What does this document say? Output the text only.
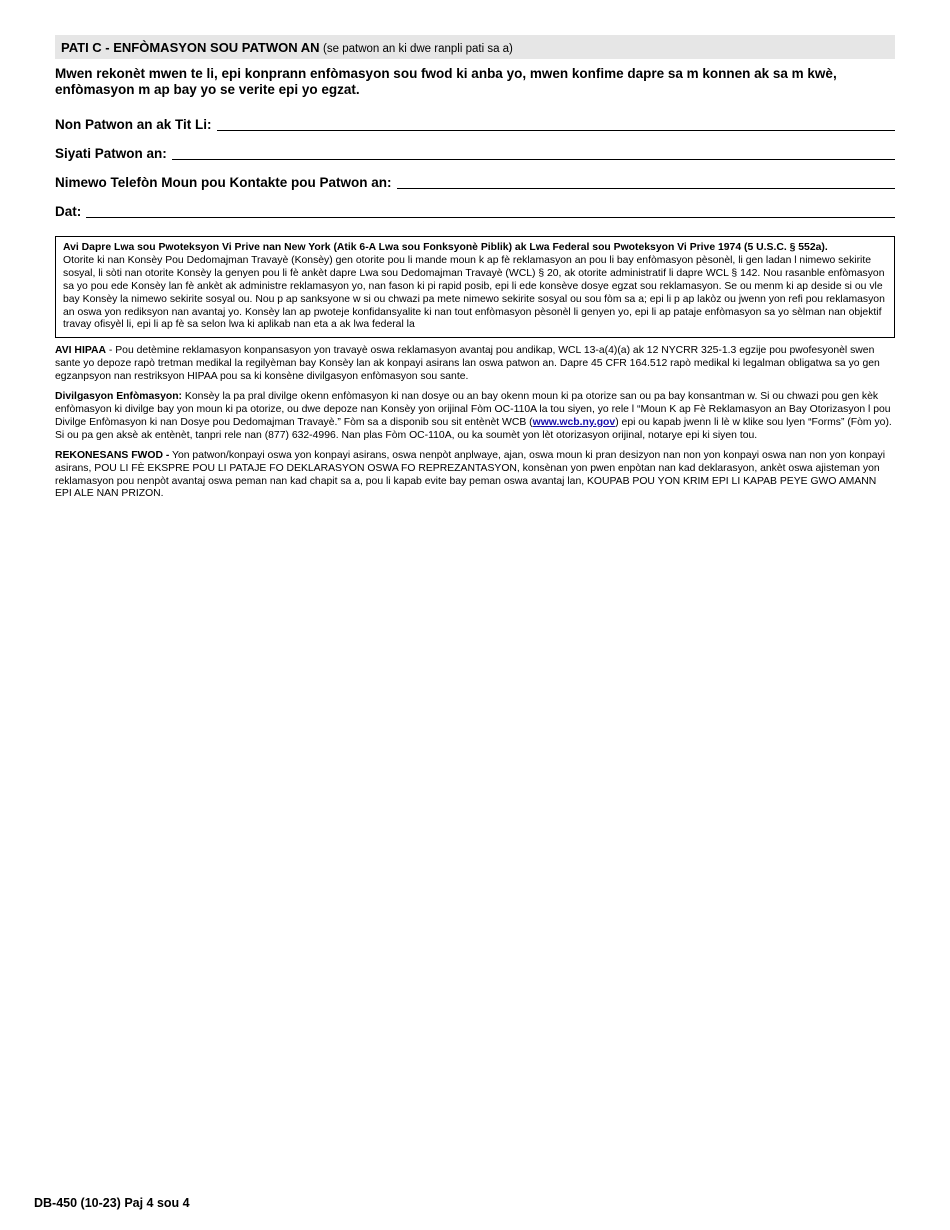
PATI C - ENFÒMASYON SOU PATWON AN (se patwon an ki dwe ranpli pati sa a)
Mwen rekonèt mwen te li, epi konprann enfòmasyon sou fwod ki anba yo, mwen konfime dapre sa m konnen ak sa m kwè, enfòmasyon m ap bay yo se verite epi yo egzat.
Non Patwon an ak Tit Li:
Siyati Patwon an:
Nimewo Telefòn Moun pou Kontakte pou Patwon an:
Dat:
Avi Dapre Lwa sou Pwoteksyon Vi Prive nan New York (Atik 6-A Lwa sou Fonksyonè Piblik) ak Lwa Federal sou Pwoteksyon Vi Prive 1974 (5 U.S.C. § 552a).
Otorite ki nan Konsèy Pou Dedomajman Travayè (Konsèy) gen otorite pou li mande moun k ap fè reklamasyon an pou li bay enfòmasyon pèsonèl, li gen ladan l nimewo sekirite sosyal, li sòti nan otorite Konsèy la genyen pou li fè ankèt dapre Lwa sou Dedomajman Travayè (WCL) § 20, ak otorite administratif li dapre WCL § 142. Nou rasanble enfòmasyon sa yo pou ede Konsèy lan fè ankèt ak administre reklamasyon yo, nan fason ki pi rapid posib, epi li ede konsève dosye egzat sou reklamasyon. Se ou menm ki ap deside si ou vle bay Konsèy la nimewo sekirite sosyal ou. Nou p ap sanksyone w si ou chwazi pa mete nimewo sekirite sosyal ou sou fòm sa a; epi li p ap lakòz ou jwenn yon refi pou reklamasyon an oswa yon rediksyon nan avantaj yo. Konsèy lan ap pwoteje konfidansyalite ki nan tout enfòmasyon pèsonèl li genyen yo, epi li ap pataje enfòmasyon sa yo sèlman nan objektif travay ofisyèl li, epi li ap fè sa selon lwa ki aplikab nan eta a ak lwa federal la
AVI HIPAA - Pou detèmine reklamasyon konpansasyon yon travayè oswa reklamasyon avantaj pou andikap, WCL 13-a(4)(a) ak 12 NYCRR 325-1.3 egzije pou pwofesyonèl swen sante yo depoze rapò tretman medikal la regilyèman bay Konsèy lan ak konpayi asirans lan oswa patwon an. Dapre 45 CFR 164.512 rapò medikal ki legalman obligatwa sa yo gen egzanpsyon nan restriksyon HIPAA pou sa ki konsène divilgasyon enfòmasyon sou sante.
Divilgasyon Enfòmasyon: Konsèy la pa pral divilge okenn enfòmasyon ki nan dosye ou an bay okenn moun ki pa otorize san ou pa bay konsantman w. Si ou chwazi pou gen kèk enfòmasyon ki divilge bay yon moun ki pa otorize, ou dwe depoze nan Konsèy yon orijinal Fòm OC-110A la tou siyen, yo rele l “Moun K ap Fè Reklamasyon an Bay Otorizasyon l pou Divilge Enfòmasyon ki nan Dosye pou Dedomajman Travayè.” Fòm sa a disponib sou sit entènèt WCB (www.wcb.ny.gov) epi ou kapab jwenn li lè w klike sou lyen “Forms” (Fòm yo). Si ou pa gen aksè ak entènèt, tanpri rele nan (877) 632-4996. Nan plas Fòm OC-110A, ou ka soumèt yon lèt otorizasyon orijinal, notarye epi ki siyen tou.
REKONESANS FWOD - Yon patwon/konpayi oswa yon konpayi asirans, oswa nenpòt anplwaye, ajan, oswa moun ki pran desizyon nan non yon konpayi oswa nan non yon konpayi asirans, POU LI FÈ EKSPRE POU LI PATAJE FO DEKLARASYON OSWA FO REPREZANTASYON, konsènan yon pwen enpòtan nan kad deklarasyon, ankèt oswa ajisteman yon reklamasyon pou nenpòt avantaj oswa peman nan kad chapit sa a, pou li kapab evite bay peman oswa avantaj lan, KOUPAB POU YON KRIM EPI LI KAPAB PEYE GWO AMANN EPI ALE NAN PRIZON.
DB-450 (10-23) Paj 4 sou 4
